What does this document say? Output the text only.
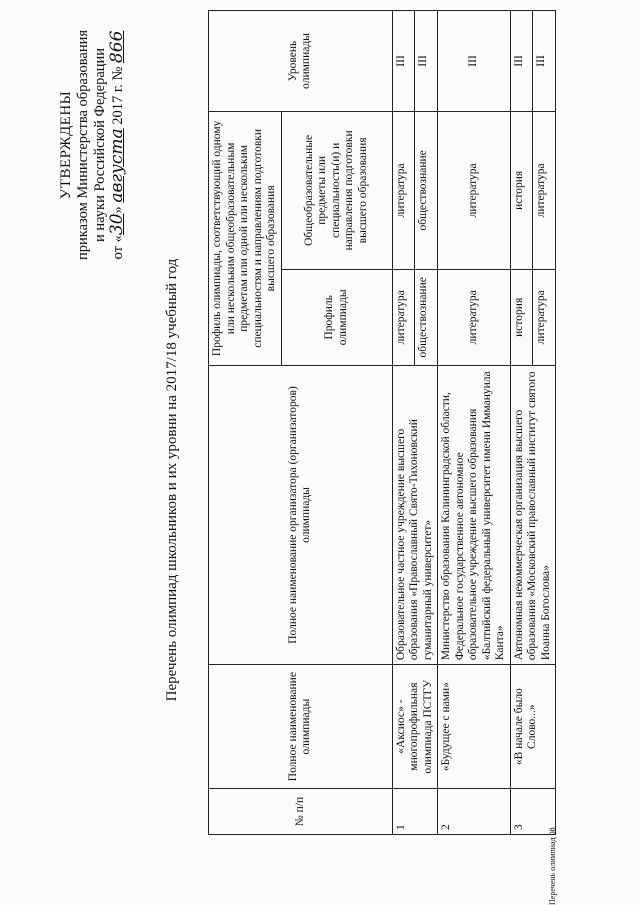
УТВЕРЖДЕНЫ приказом Министерства образования и науки Российской Федерации
от «30» августа 2017 г. № 866
Перечень олимпиад школьников и их уровни на 2017/18 учебный год
№ п/п	Полное наименование олимпиады	Полное наименование организатора (организаторов) олимпиады	Профиль олимпиады, соответствующий одному или нескольким общеобразовательным предметам или одной или нескольким специальностям и направлениям подготовки высшего образования		Уровень олимпиады
			Профиль олимпиады	Общеобразовательные предметы или специальность(и) и направления подготовки высшего образования	
1	«Аксиос» - многопрофильная олимпиада ПСТГУ	Образовательное частное учреждение высшего образования «Православный Свято-Тихоновский гуманитарный университет»	литература	литература	III
			обществознание	обществознание	III
2	«Будущее с нами»	Министерство образования Калининградской области, Федеральное государственное автономное образовательное учреждение высшего образования «Балтийский федеральный университет имени Иммануила Канта»	литература	литература	III
3	«В начале было Слово...»	Автономная некоммерческая организация высшего образования «Московский православный институт святого Иоанна Богослова»	история	история	III
			литература	литература	III
Перечень олимпиад 08
